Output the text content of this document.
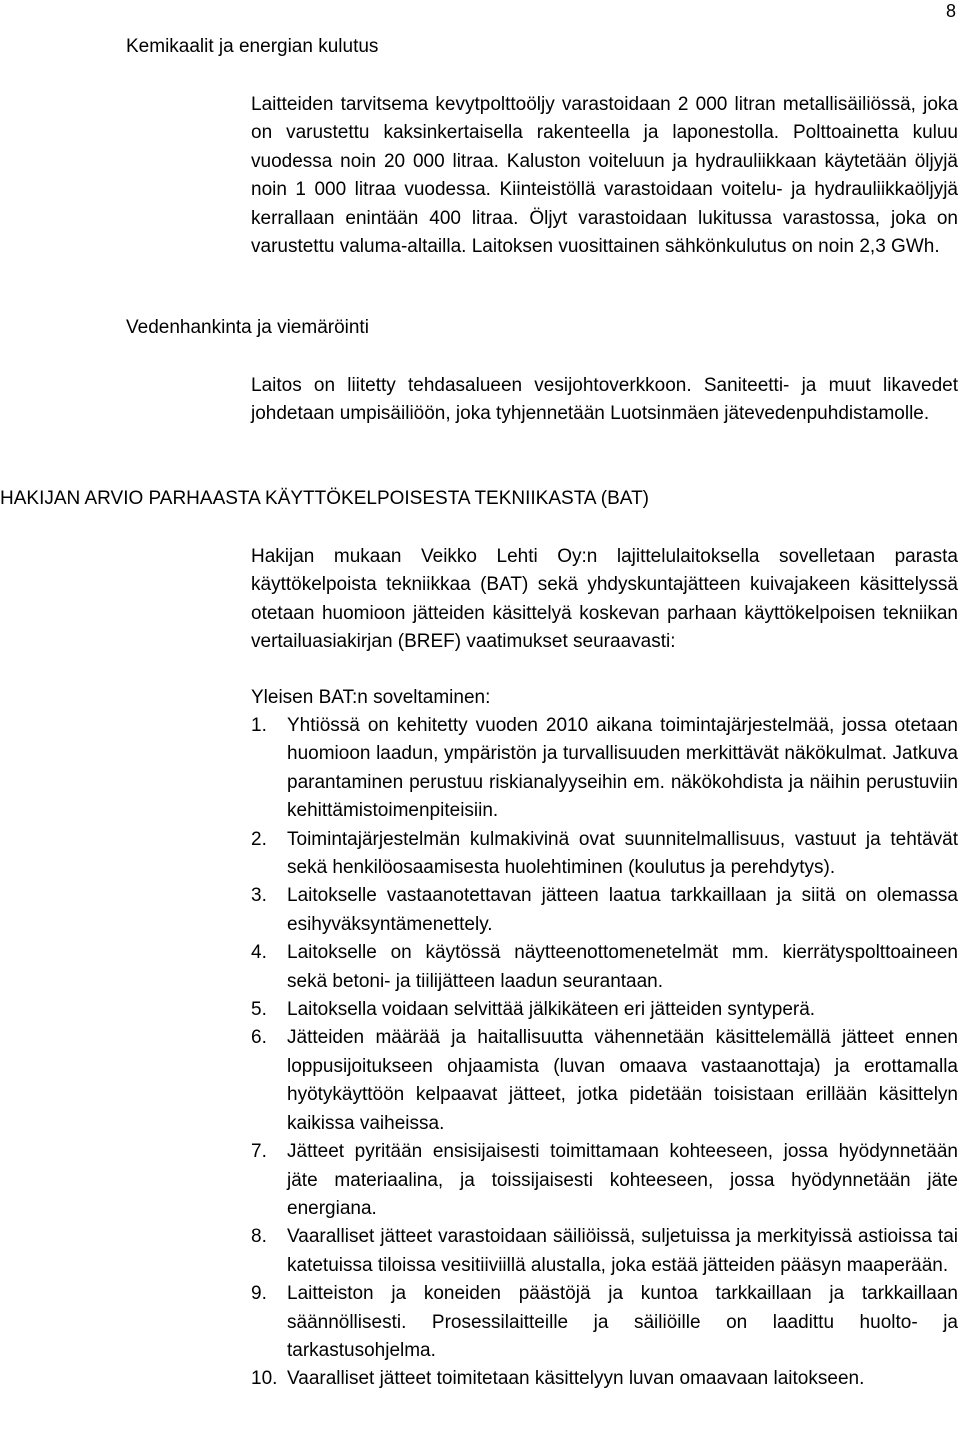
8
Kemikaalit ja energian kulutus

Laitteiden tarvitsema kevytpolttoöljy varastoidaan 2 000 litran metallisäiliössä, joka on varustettu kaksinkertaisella rakenteella ja laponestolla. Polttoainetta kuluu vuodessa noin 20 000 litraa. Kaluston voiteluun ja hydrauliikkaan käytetään öljyjä noin 1 000 litraa vuodessa. Kiinteistöllä varastoidaan voitelu- ja hydrauliikkaöljyjä kerrallaan enintään 400 litraa. Öljyt varastoidaan lukitussa varastossa, joka on varustettu valuma-altailla. Laitoksen vuosittainen sähkönkulutus on noin 2,3 GWh.

Vedenhankinta ja viemäröinti

Laitos on liitetty tehdasalueen vesijohtoverkkoon. Saniteetti- ja muut likavedet johdetaan umpisäiliöön, joka tyhjennetään Luotsinmäen jätevedenpuhdistamolle.

HAKIJAN ARVIO PARHAASTA KÄYTTÖKELPOISESTA TEKNIIKASTA (BAT)

Hakijan mukaan Veikko Lehti Oy:n lajittelulaitoksella sovelletaan parasta käyttökelpoista tekniikkaa (BAT) sekä yhdyskuntajätteen kuivajakeen käsittelyssä otetaan huomioon jätteiden käsittelyä koskevan parhaan käyttökelpoisen tekniikan vertailuasiakirjan (BREF) vaatimukset seuraavasti:

Yleisen BAT:n soveltaminen:
1. Yhtiössä on kehitetty vuoden 2010 aikana toimintajärjestelmää, jossa otetaan huomioon laadun, ympäristön ja turvallisuuden merkittävät näkökulmat. Jatkuva parantaminen perustuu riskianalyyseihin em. näkökohdista ja näihin perustuviin kehittämistoimenpiteisiin.
2. Toimintajärjestelmän kulmakivinä ovat suunnitelmallisuus, vastuut ja tehtävät sekä henkilöosaamisesta huolehtiminen (koulutus ja perehdytys).
3. Laitokselle vastaanotettavan jätteen laatua tarkkaillaan ja siitä on olemassa esihyväksyntämenettely.
4. Laitokselle on käytössä näytteenottomenetelmät mm. kierrätyspolttoaineen sekä betoni- ja tiilijätteen laadun seurantaan.
5. Laitoksella voidaan selvittää jälkikäteen eri jätteiden syntyperä.
6. Jätteiden määrää ja haitallisuutta vähennetään käsittelemällä jätteet ennen loppusijoitukseen ohjaamista (luvan omaava vastaanottaja) ja erottamalla hyötykäyttöön kelpaavat jätteet, jotka pidetään toisistaan erillään käsittelyn kaikissa vaiheissa.
7. Jätteet pyritään ensisijaisesti toimittamaan kohteeseen, jossa hyödynnetään jäte materiaalina, ja toissijaisesti kohteeseen, jossa hyödynnetään jäte energiana.
8. Vaaralliset jätteet varastoidaan säiliöissä, suljetuissa ja merkityissä astioissa tai katetuissa tiloissa vesitiiviillä alustalla, joka estää jätteiden pääsyn maaperään.
9. Laitteiston ja koneiden päästöjä ja kuntoa tarkkaillaan ja tarkkaillaan säännöllisesti. Prosessilaitteille ja säiliöille on laadittu huolto- ja tarkastusohjelma.
10. Vaaralliset jätteet toimitetaan käsittelyyn luvan omaavaan laitokseen.
